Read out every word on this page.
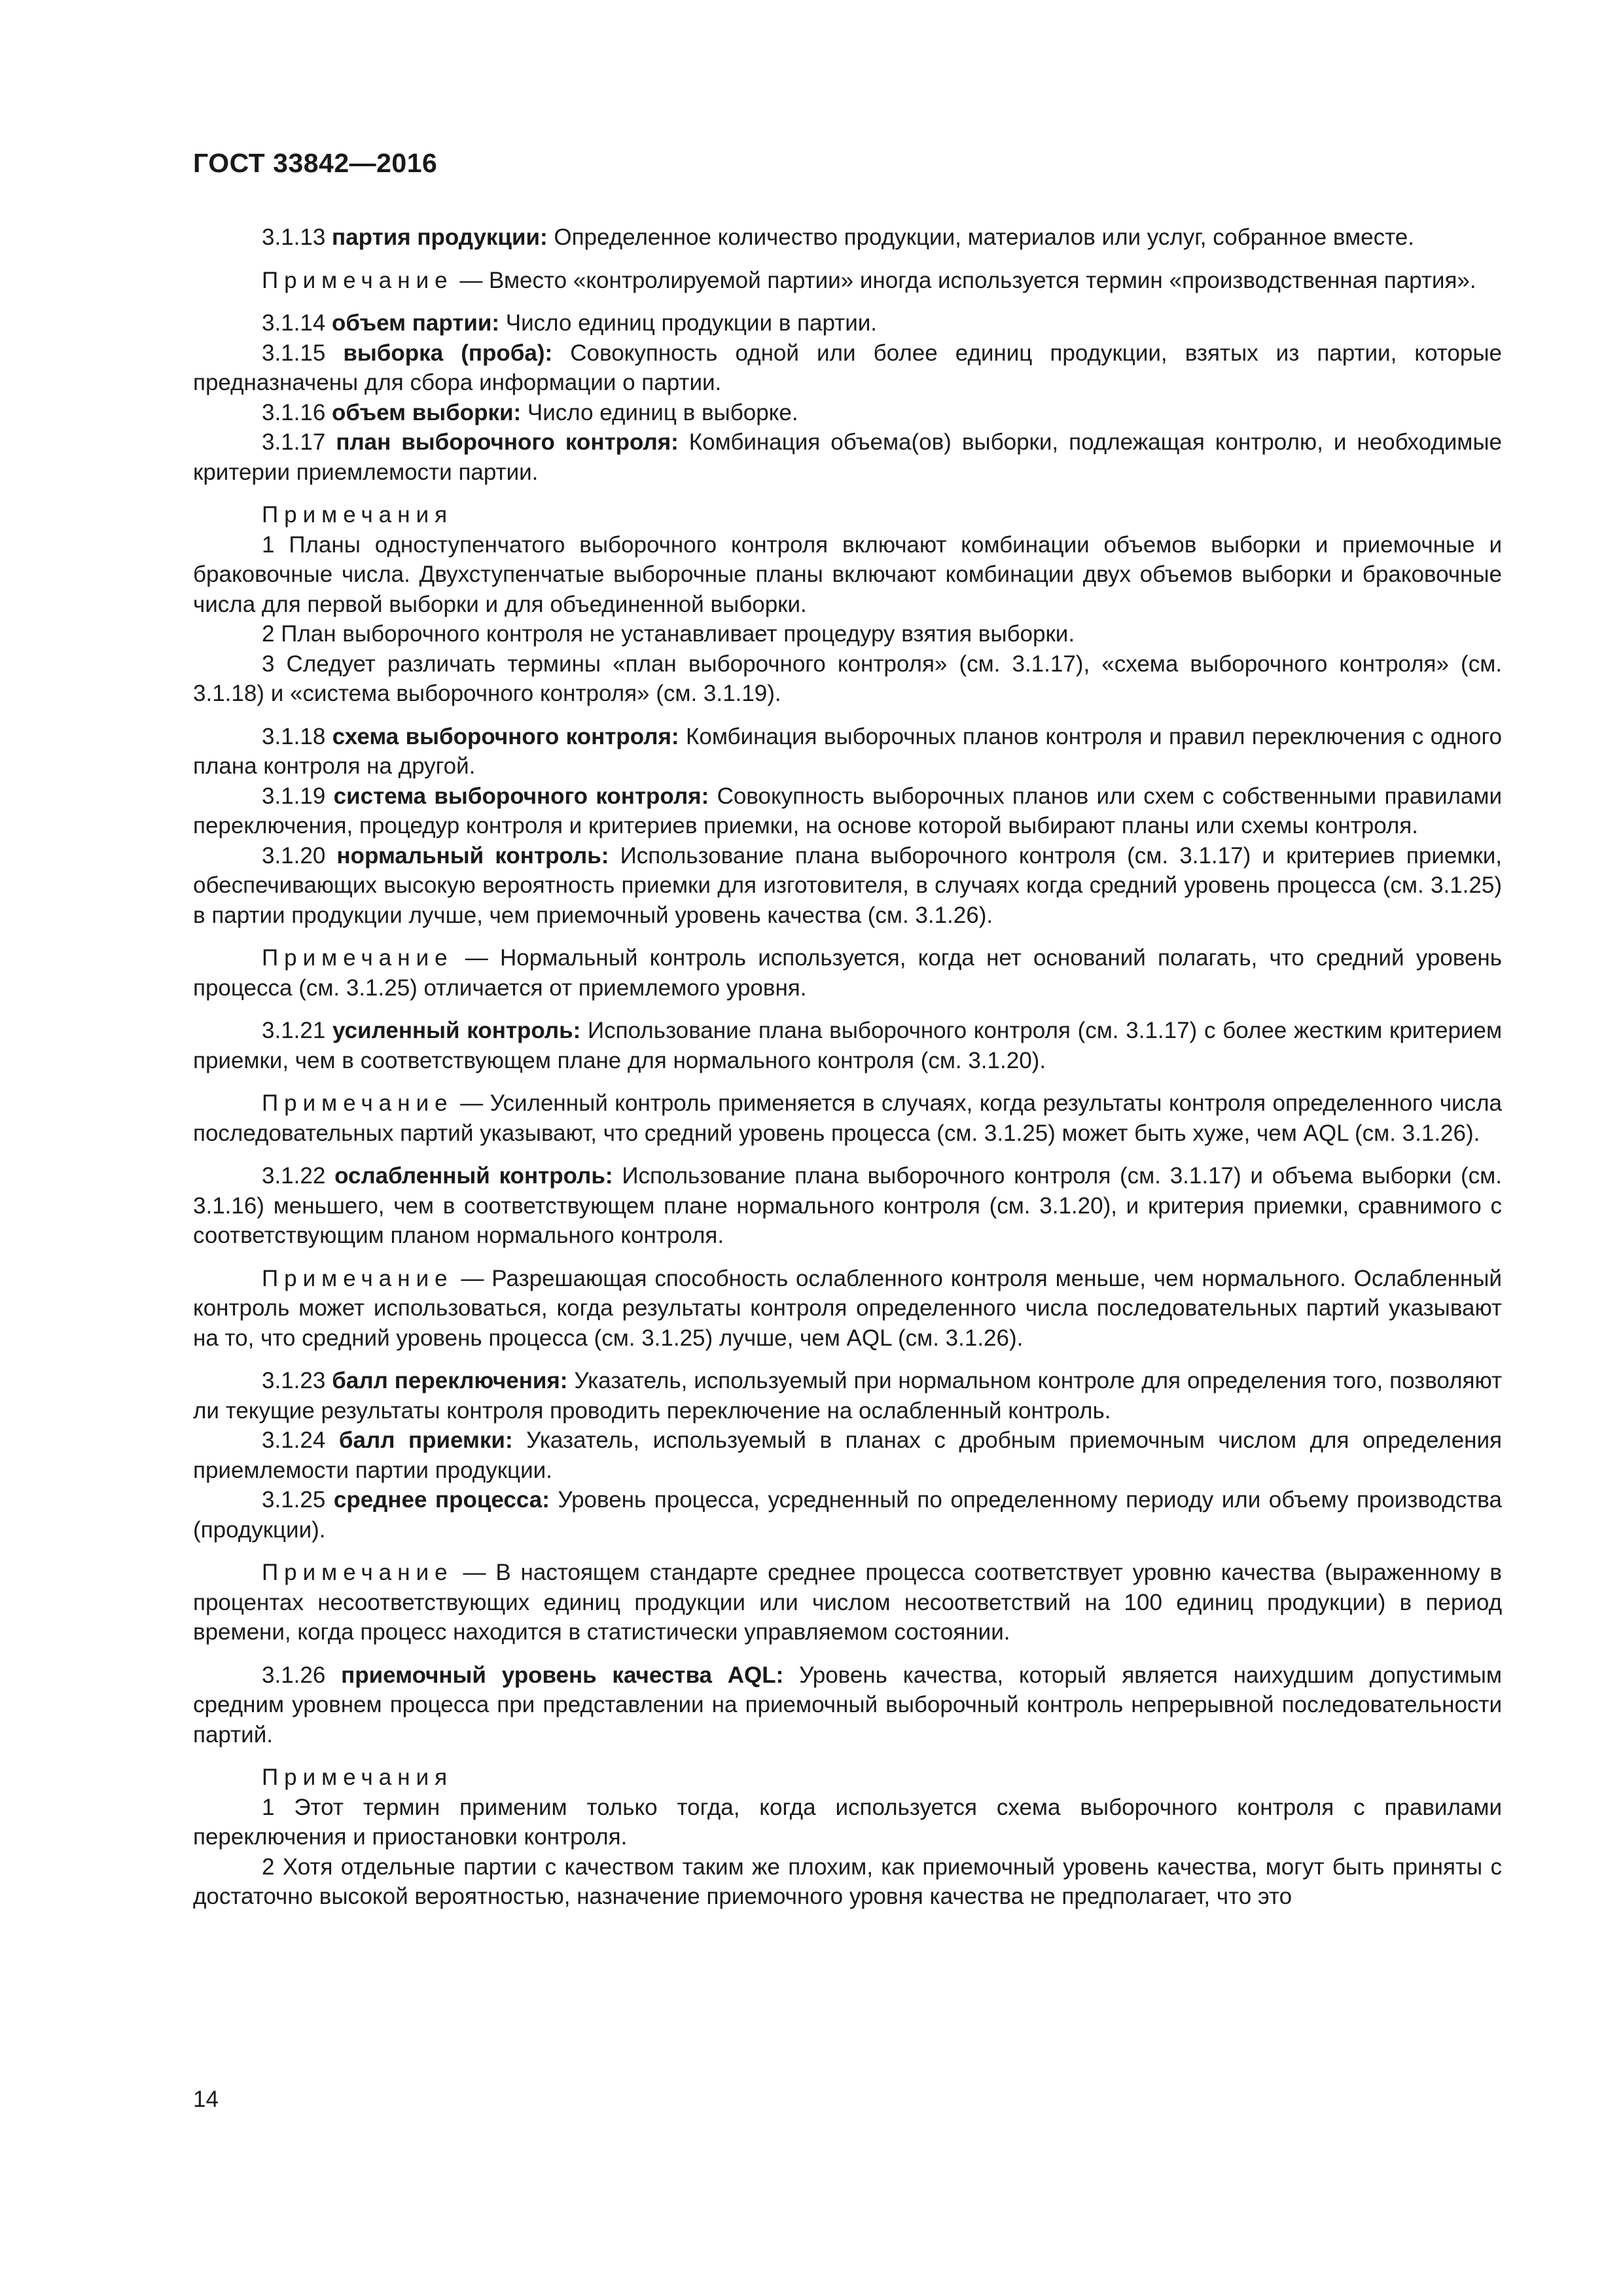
ГОСТ 33842—2016

3.1.13 партия продукции: Определенное количество продукции, материалов или услуг, собранное вместе.

Примечание — Вместо «контролируемой партии» иногда используется термин «производственная партия».

3.1.14 объем партии: Число единиц продукции в партии.

3.1.15 выборка (проба): Совокупность одной или более единиц продукции, взятых из партии, которые предназначены для сбора информации о партии.

3.1.16 объем выборки: Число единиц в выборке.

3.1.17 план выборочного контроля: Комбинация объема(ов) выборки, подлежащая контролю, и необходимые критерии приемлемости партии.

Примечания

1 Планы одноступенчатого выборочного контроля включают комбинации объемов выборки и приемочные и браковочные числа. Двухступенчатые выборочные планы включают комбинации двух объемов выборки и браковочные числа для первой выборки и для объединенной выборки.

2 План выборочного контроля не устанавливает процедуру взятия выборки.

3 Следует различать термины «план выборочного контроля» (см. 3.1.17), «схема выборочного контроля» (см. 3.1.18) и «система выборочного контроля» (см. 3.1.19).

3.1.18 схема выборочного контроля: Комбинация выборочных планов контроля и правил переключения с одного плана контроля на другой.

3.1.19 система выборочного контроля: Совокупность выборочных планов или схем с собственными правилами переключения, процедур контроля и критериев приемки, на основе которой выбирают планы или схемы контроля.

3.1.20 нормальный контроль: Использование плана выборочного контроля (см. 3.1.17) и критериев приемки, обеспечивающих высокую вероятность приемки для изготовителя, в случаях когда средний уровень процесса (см. 3.1.25) в партии продукции лучше, чем приемочный уровень качества (см. 3.1.26).

Примечание — Нормальный контроль используется, когда нет оснований полагать, что средний уровень процесса (см. 3.1.25) отличается от приемлемого уровня.

3.1.21 усиленный контроль: Использование плана выборочного контроля (см. 3.1.17) с более жестким критерием приемки, чем в соответствующем плане для нормального контроля (см. 3.1.20).

Примечание — Усиленный контроль применяется в случаях, когда результаты контроля определенного числа последовательных партий указывают, что средний уровень процесса (см. 3.1.25) может быть хуже, чем AQL (см. 3.1.26).

3.1.22 ослабленный контроль: Использование плана выборочного контроля (см. 3.1.17) и объема выборки (см. 3.1.16) меньшего, чем в соответствующем плане нормального контроля (см. 3.1.20), и критерия приемки, сравнимого с соответствующим планом нормального контроля.

Примечание — Разрешающая способность ослабленного контроля меньше, чем нормального. Ослабленный контроль может использоваться, когда результаты контроля определенного числа последовательных партий указывают на то, что средний уровень процесса (см. 3.1.25) лучше, чем AQL (см. 3.1.26).

3.1.23 балл переключения: Указатель, используемый при нормальном контроле для определения того, позволяют ли текущие результаты контроля проводить переключение на ослабленный контроль.

3.1.24 балл приемки: Указатель, используемый в планах с дробным приемочным числом для определения приемлемости партии продукции.

3.1.25 среднее процесса: Уровень процесса, усредненный по определенному периоду или объему производства (продукции).

Примечание — В настоящем стандарте среднее процесса соответствует уровню качества (выраженному в процентах несоответствующих единиц продукции или числом несоответствий на 100 единиц продукции) в период времени, когда процесс находится в статистически управляемом состоянии.

3.1.26 приемочный уровень качества AQL: Уровень качества, который является наихудшим допустимым средним уровнем процесса при представлении на приемочный выборочный контроль непрерывной последовательности партий.

Примечания

1 Этот термин применим только тогда, когда используется схема выборочного контроля с правилами переключения и приостановки контроля.

2 Хотя отдельные партии с качеством таким же плохим, как приемочный уровень качества, могут быть приняты с достаточно высокой вероятностью, назначение приемочного уровня качества не предполагает, что это

14
